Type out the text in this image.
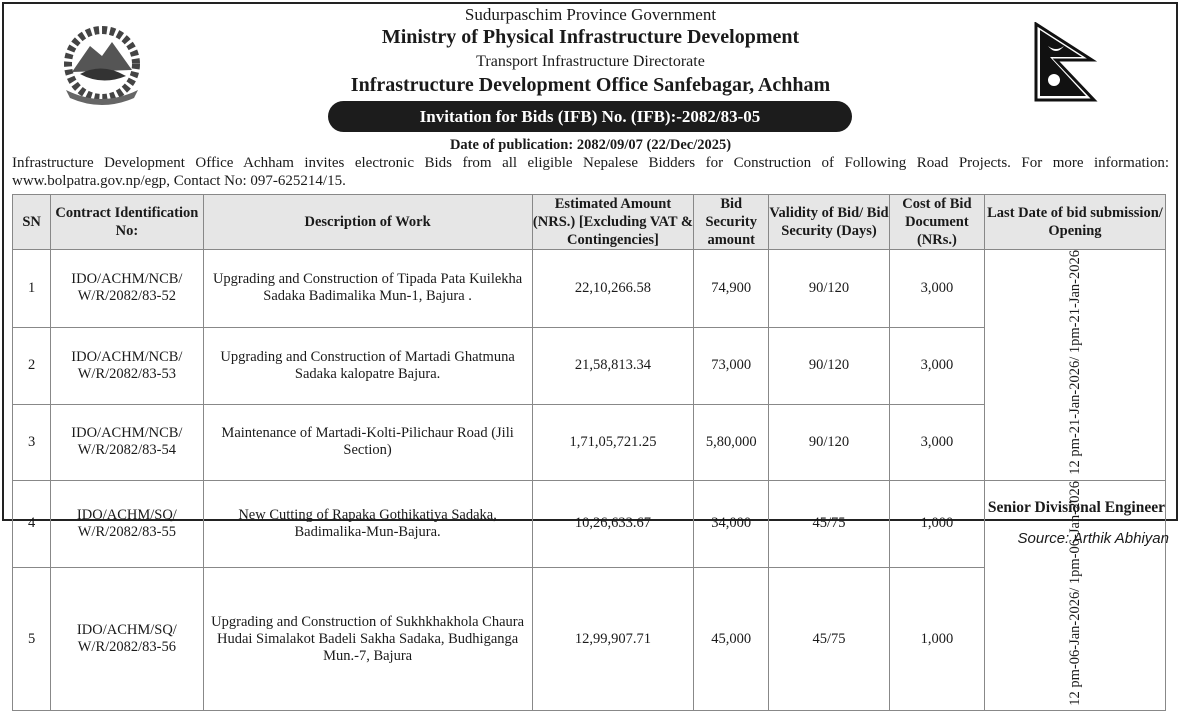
Sudurpaschim Province Government
Ministry of Physical Infrastructure Development
Transport Infrastructure Directorate
Infrastructure Development Office Sanfebagar, Achham
Invitation for Bids (IFB) No. (IFB):-2082/83-05
Date of publication: 2082/09/07 (22/Dec/2025)
Infrastructure Development Office Achham invites electronic Bids from all eligible Nepalese Bidders for Construction of Following Road Projects. For more information: www.bolpatra.gov.np/egp, Contact No: 097-625214/15.
SN	Contract Identification No:	Description of Work	Estimated Amount (NRS.) [Excluding VAT & Contingencies]	Bid Security amount	Validity of Bid/ Bid Security (Days)	Cost of Bid Document (NRs.)	Last Date of bid submission/ Opening
1	IDO/ACHM/NCB/ W/R/2082/83-52	Upgrading and Construction of Tipada Pata Kuilekha Sadaka Badimalika Mun-1, Bajura .	22,10,266.58	74,900	90/120	3,000	12 pm-21-Jan-2026/ 1pm-21-Jan-2026
2	IDO/ACHM/NCB/ W/R/2082/83-53	Upgrading and Construction of Martadi Ghatmuna Sadaka kalopatre Bajura.	21,58,813.34	73,000	90/120	3,000	
3	IDO/ACHM/NCB/ W/R/2082/83-54	Maintenance of Martadi-Kolti-Pilichaur Road (Jili Section)	1,71,05,721.25	5,80,000	90/120	3,000	
4	IDO/ACHM/SQ/ W/R/2082/83-55	New Cutting of Rapaka Gothikatiya Sadaka, Badimalika-Mun-Bajura.	10,26,633.67	34,000	45/75	1,000	12 pm-06-Jan-2026/ 1pm-06-Jan-2026
5	IDO/ACHM/SQ/ W/R/2082/83-56	Upgrading and Construction of Sukhkhakhola Chaura Hudai Simalakot Badeli Sakha Sadaka, Budhiganga Mun.-7, Bajura	12,99,907.71	45,000	45/75	1,000	
Senior Divisional Engineer
Source: Arthik Abhiyan
